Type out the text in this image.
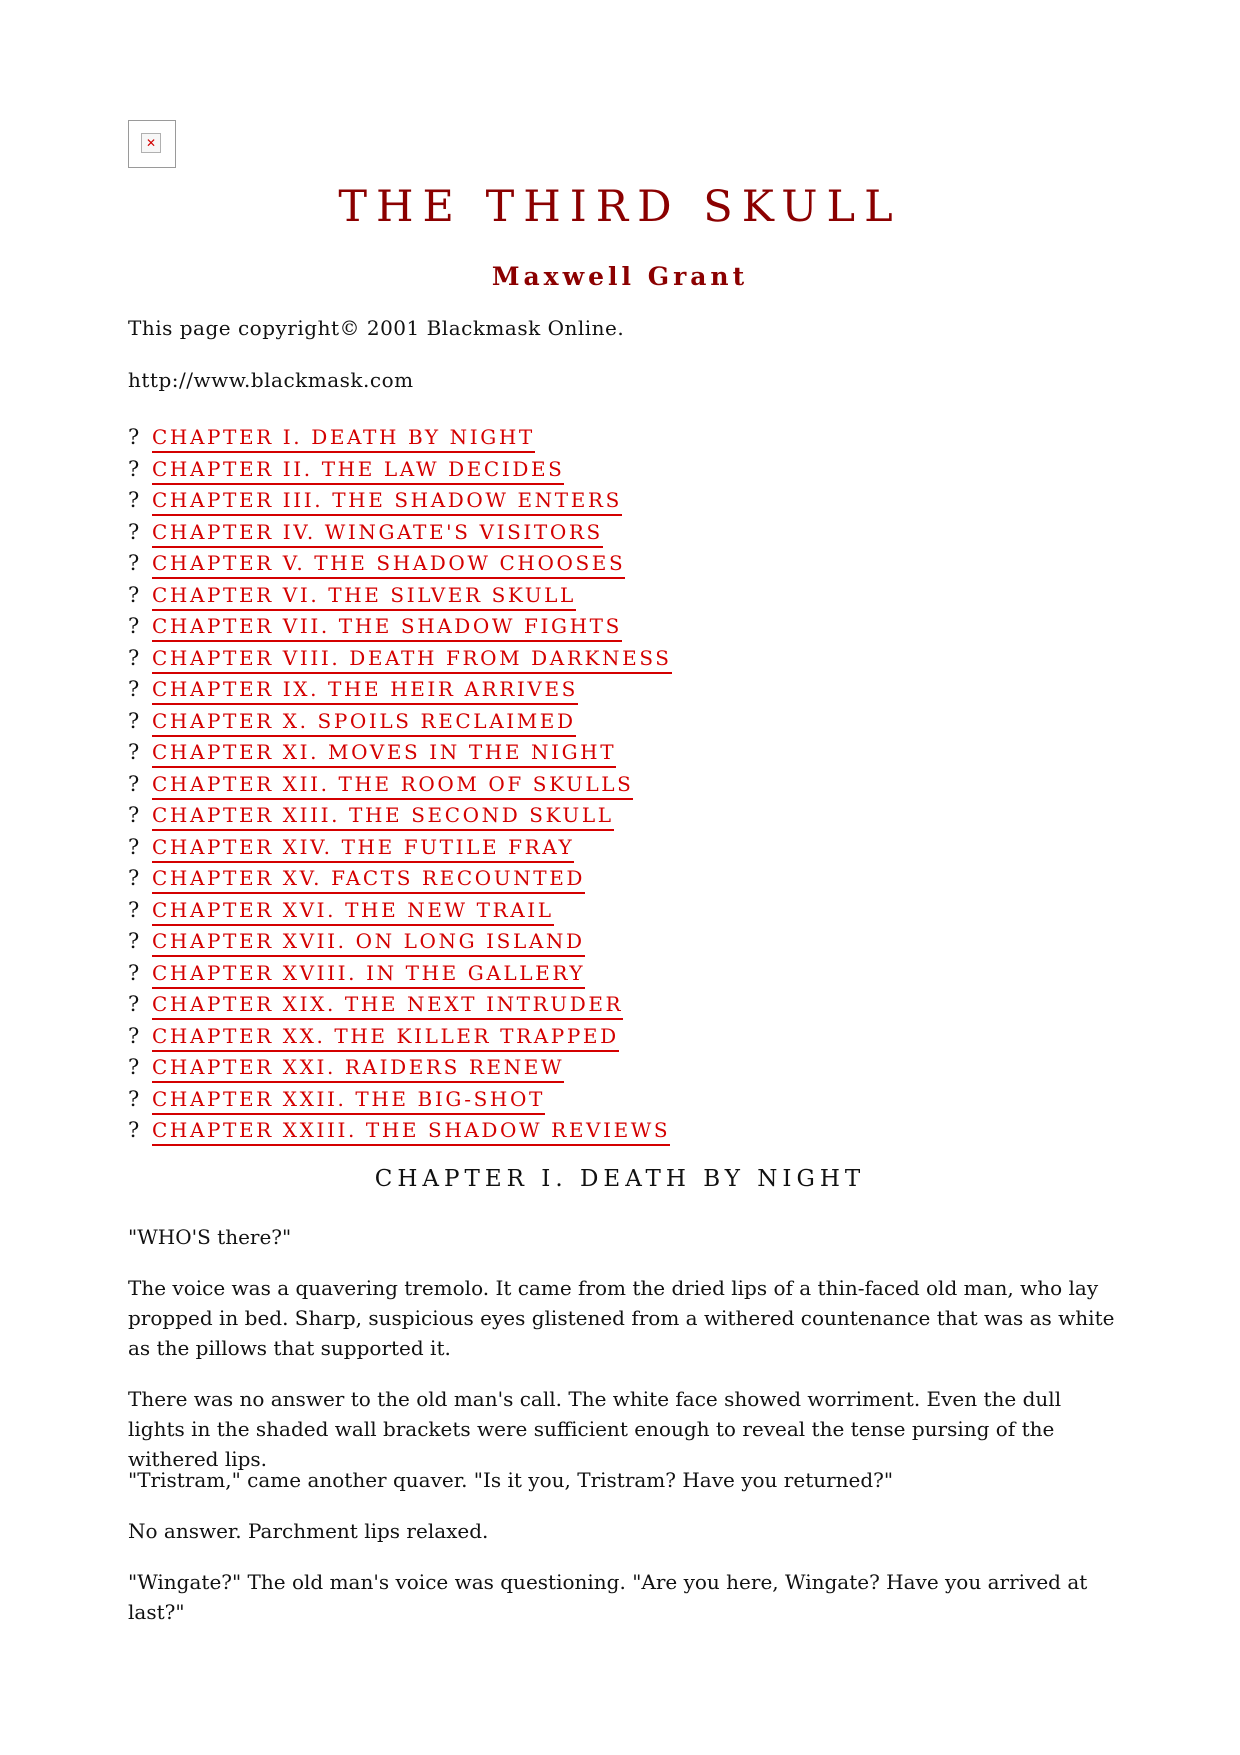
✕
THE THIRD SKULL
Maxwell Grant

This page copyright© 2001 Blackmask Online.

http://www.blackmask.com

? CHAPTER I. DEATH BY NIGHT
? CHAPTER II. THE LAW DECIDES
? CHAPTER III. THE SHADOW ENTERS
? CHAPTER IV. WINGATE'S VISITORS
? CHAPTER V. THE SHADOW CHOOSES
? CHAPTER VI. THE SILVER SKULL
? CHAPTER VII. THE SHADOW FIGHTS
? CHAPTER VIII. DEATH FROM DARKNESS
? CHAPTER IX. THE HEIR ARRIVES
? CHAPTER X. SPOILS RECLAIMED
? CHAPTER XI. MOVES IN THE NIGHT
? CHAPTER XII. THE ROOM OF SKULLS
? CHAPTER XIII. THE SECOND SKULL
? CHAPTER XIV. THE FUTILE FRAY
? CHAPTER XV. FACTS RECOUNTED
? CHAPTER XVI. THE NEW TRAIL
? CHAPTER XVII. ON LONG ISLAND
? CHAPTER XVIII. IN THE GALLERY
? CHAPTER XIX. THE NEXT INTRUDER
? CHAPTER XX. THE KILLER TRAPPED
? CHAPTER XXI. RAIDERS RENEW
? CHAPTER XXII. THE BIG-SHOT
? CHAPTER XXIII. THE SHADOW REVIEWS
CHAPTER I. DEATH BY NIGHT

"WHO'S there?"

The voice was a quavering tremolo. It came from the dried lips of a thin-faced old man, who lay propped in bed. Sharp, suspicious eyes glistened from a withered countenance that was as white as the pillows that supported it.

There was no answer to the old man's call. The white face showed worriment. Even the dull lights in the shaded wall brackets were sufficient enough to reveal the tense pursing of the withered lips.

"Tristram," came another quaver. "Is it you, Tristram? Have you returned?"

No answer. Parchment lips relaxed.

"Wingate?" The old man's voice was questioning. "Are you here, Wingate? Have you arrived at last?"
